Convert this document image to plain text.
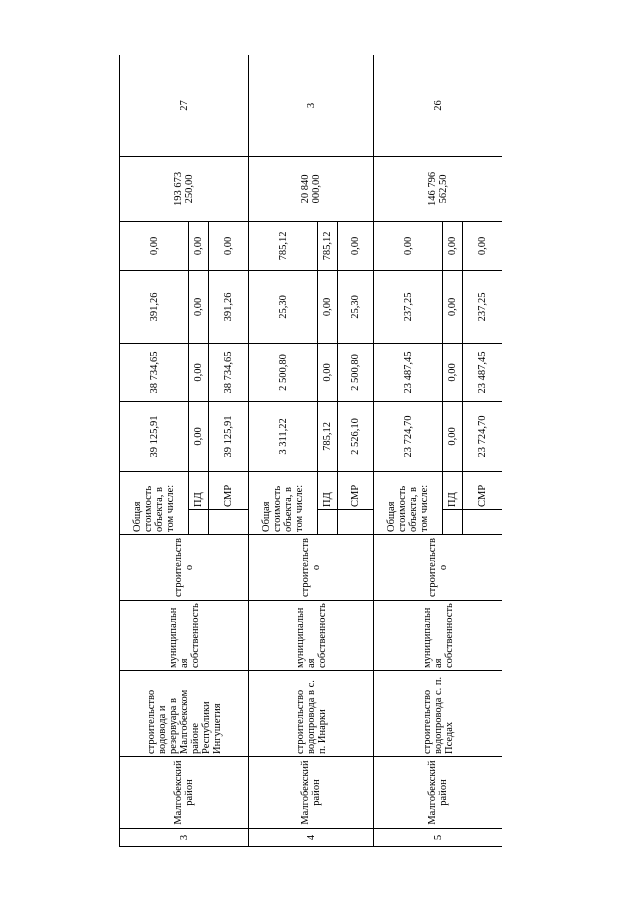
3	Малгобекский район	строительство водовода и резервуара в Малгобекском районе Республики Ингушетия	муниципальная собственность	строительство	Общая стоимость объекта, в том числе:		39 125,91	38 734,65	391,26	0,00	193 673 250,00	27
						ПД	0,00	0,00	0,00	0,00		
						СМР	39 125,91	38 734,65	391,26	0,00		
4	Малгобекский район	строительство водопровода в с. п. Инарки	муниципальная собственность	строительство	Общая стоимость объекта, в том числе:		3 311,22	2 500,80	25,30	785,12	20 840 000,00	3
						ПД	785,12	0,00	0,00	785,12		
						СМР	2 526,10	2 500,80	25,30	0,00		
5	Малгобекский район	строительство водопровода с. п. Пседах	муниципальная собственность	строительство	Общая стоимость объекта, в том числе:		23 724,70	23 487,45	237,25	0,00	146 796 562,50	26
						ПД	0,00	0,00	0,00	0,00		
						СМР	23 724,70	23 487,45	237,25	0,00		
